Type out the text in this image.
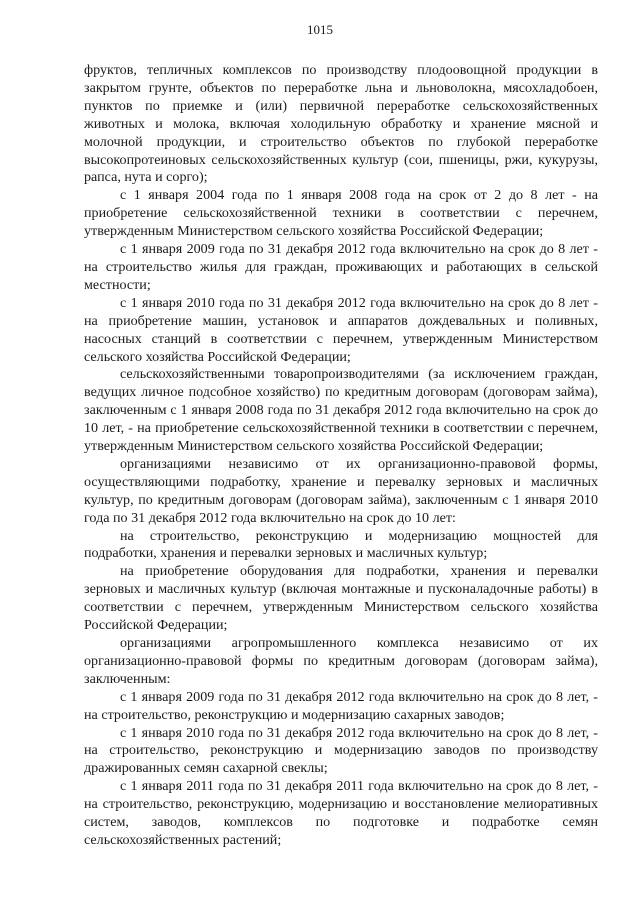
1015

фруктов, тепличных комплексов по производству плодоовощной продукции в закрытом грунте, объектов по переработке льна и льноволокна, мясохладобоен, пунктов по приемке и (или) первичной переработке сельскохозяйственных животных и молока, включая холодильную обработку и хранение мясной и молочной продукции, и строительство объектов по глубокой переработке высокопротеиновых сельскохозяйственных культур (сои, пшеницы, ржи, кукурузы, рапса, нута и сорго);

с 1 января 2004 года по 1 января 2008 года на срок от 2 до 8 лет - на приобретение сельскохозяйственной техники в соответствии с перечнем, утвержденным Министерством сельского хозяйства Российской Федерации;

с 1 января 2009 года по 31 декабря 2012 года включительно на срок до 8 лет - на строительство жилья для граждан, проживающих и работающих в сельской местности;

с 1 января 2010 года по 31 декабря 2012 года включительно на срок до 8 лет - на приобретение машин, установок и аппаратов дождевальных и поливных, насосных станций в соответствии с перечнем, утвержденным Министерством сельского хозяйства Российской Федерации;

сельскохозяйственными товаропроизводителями (за исключением граждан, ведущих личное подсобное хозяйство) по кредитным договорам (договорам займа), заключенным с 1 января 2008 года по 31 декабря 2012 года включительно на срок до 10 лет, - на приобретение сельскохозяйственной техники в соответствии с перечнем, утвержденным Министерством сельского хозяйства Российской Федерации;

организациями независимо от их организационно-правовой формы, осуществляющими подработку, хранение и перевалку зерновых и масличных культур, по кредитным договорам (договорам займа), заключенным с 1 января 2010 года по 31 декабря 2012 года включительно на срок до 10 лет:

на строительство, реконструкцию и модернизацию мощностей для подработки, хранения и перевалки зерновых и масличных культур;

на приобретение оборудования для подработки, хранения и перевалки зерновых и масличных культур (включая монтажные и пусконаладочные работы) в соответствии с перечнем, утвержденным Министерством сельского хозяйства Российской Федерации;

организациями агропромышленного комплекса независимо от их организационно-правовой формы по кредитным договорам (договорам займа), заключенным:

с 1 января 2009 года по 31 декабря 2012 года включительно на срок до 8 лет, - на строительство, реконструкцию и модернизацию сахарных заводов;

с 1 января 2010 года по 31 декабря 2012 года включительно на срок до 8 лет, - на строительство, реконструкцию и модернизацию заводов по производству дражированных семян сахарной свеклы;

с 1 января 2011 года по 31 декабря 2011 года включительно на срок до 8 лет, - на строительство, реконструкцию, модернизацию и восстановление мелиоративных систем, заводов, комплексов по подготовке и подработке семян сельскохозяйственных растений;
